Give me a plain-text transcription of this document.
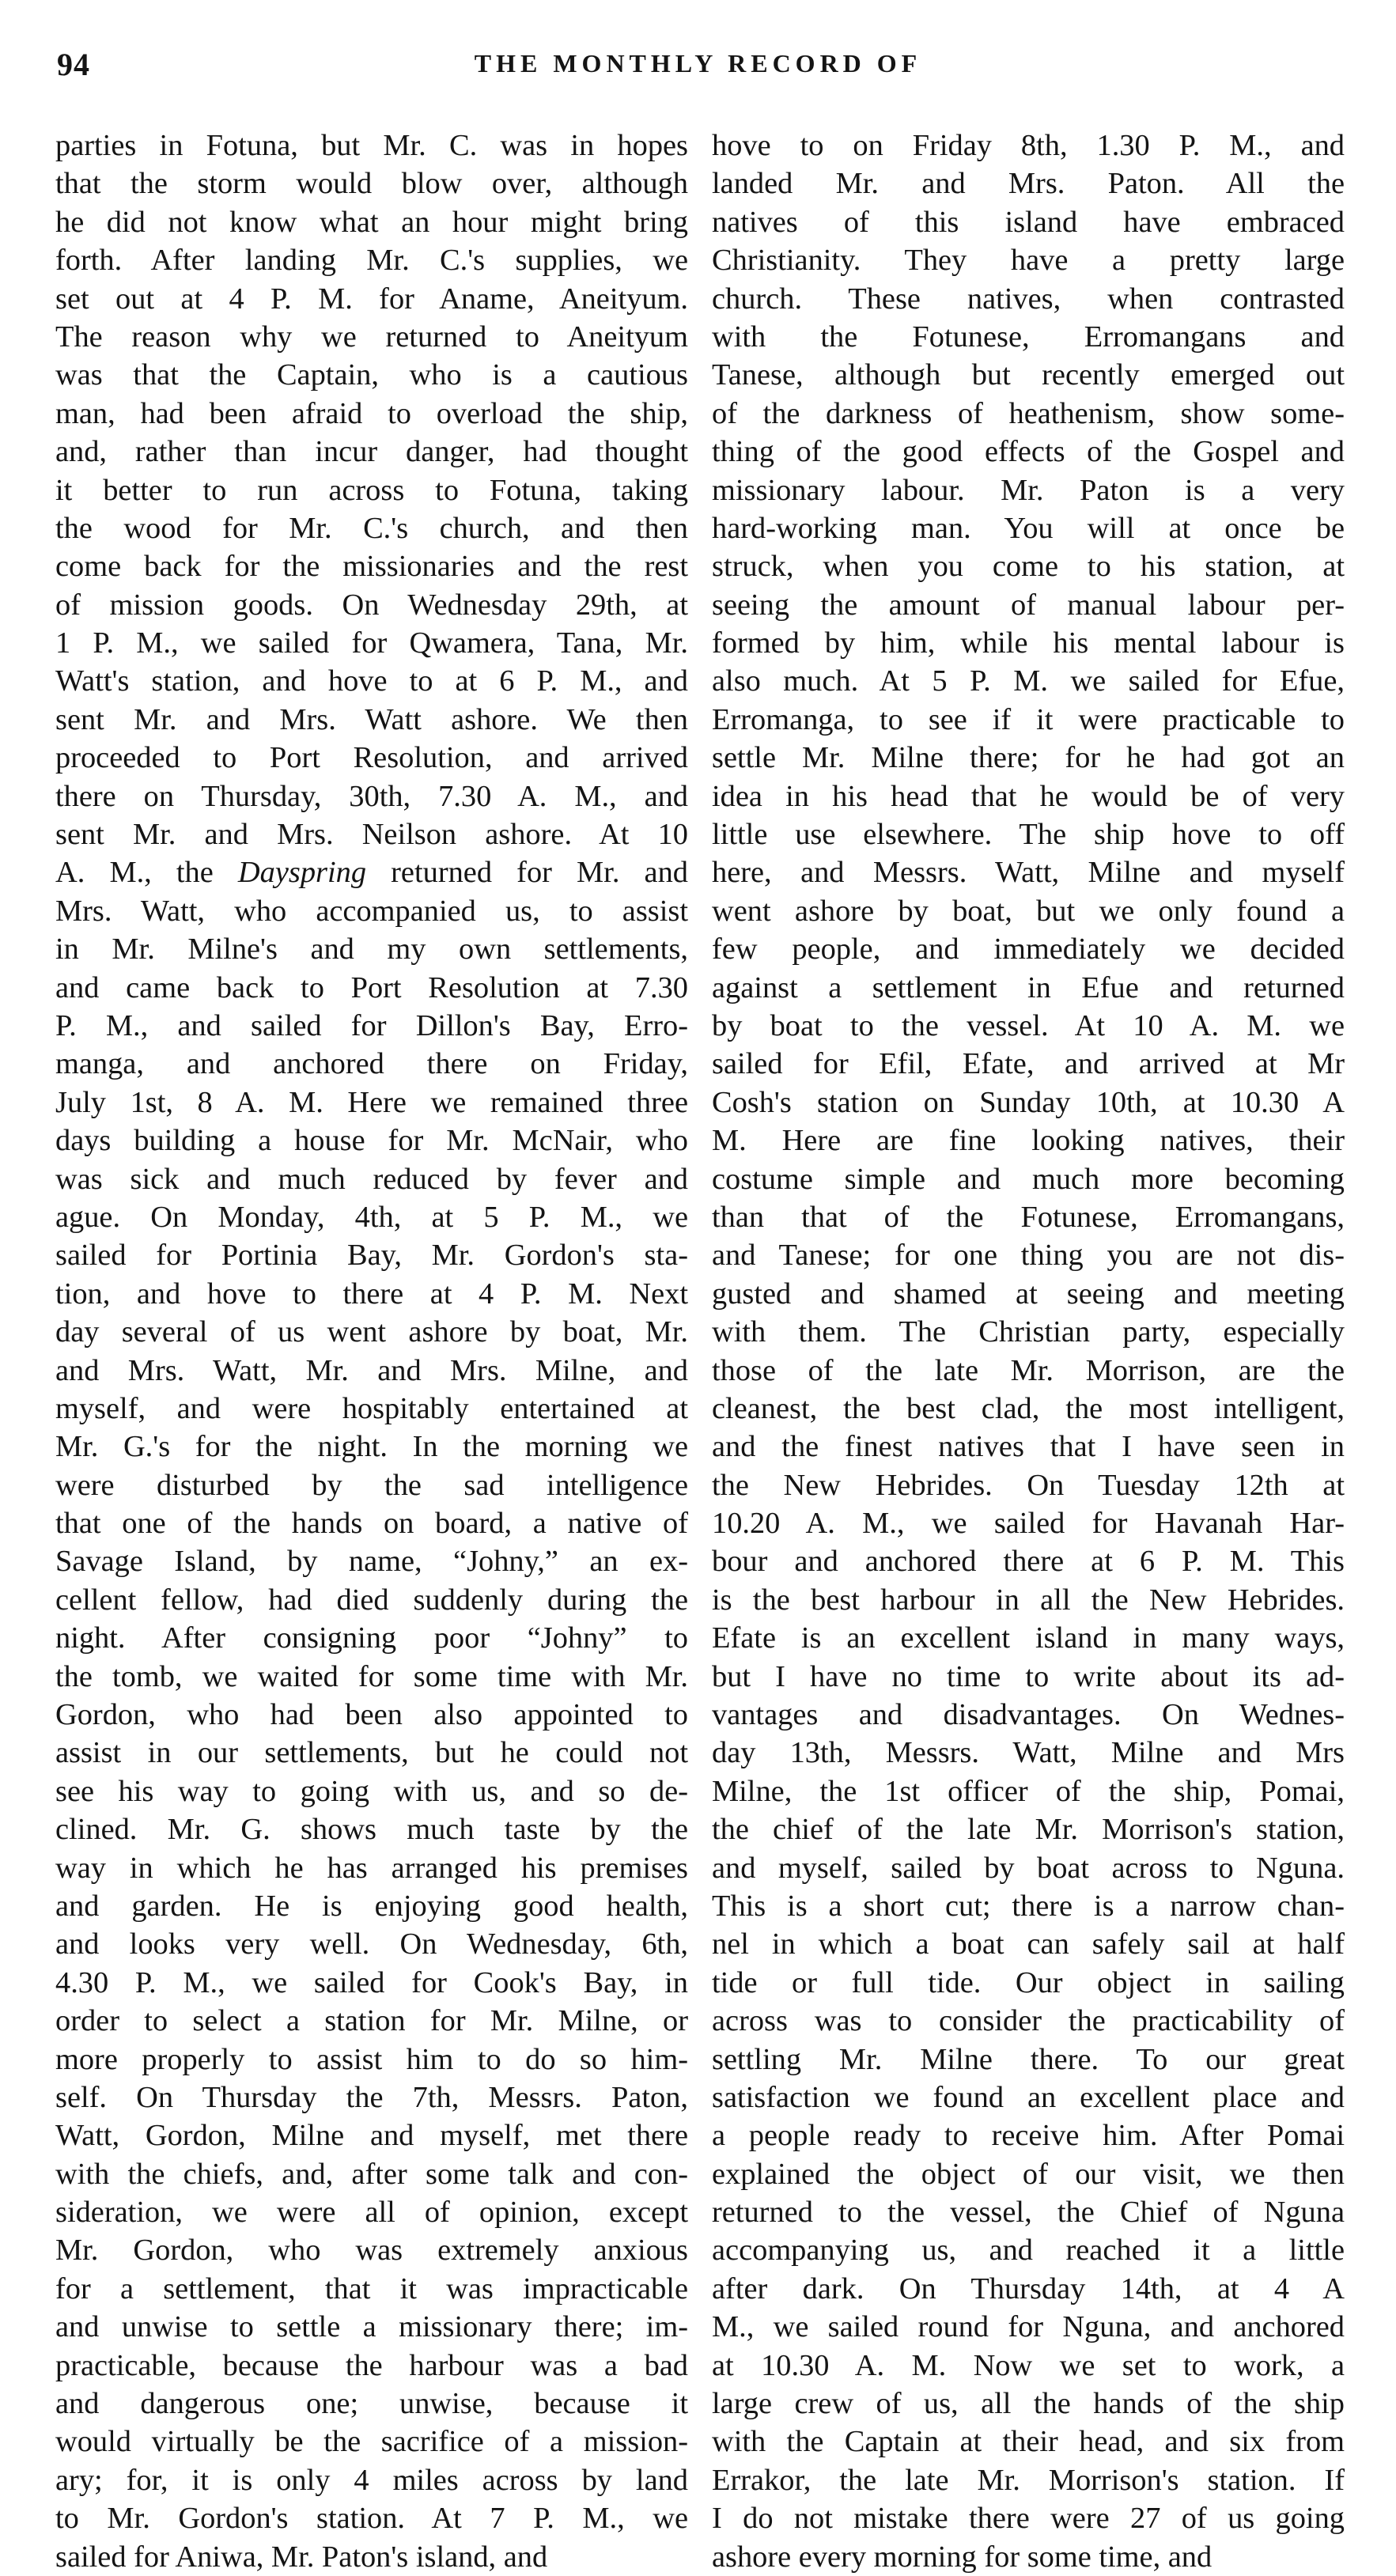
94	THE MONTHLY RECORD OF
parties in Fotuna, but Mr. C. was in hopes
that the storm would blow over, although
he did not know what an hour might bring
forth. After landing Mr. C.'s supplies, we
set out at 4 P. M. for Aname, Aneityum.
The reason why we returned to Aneityum
was that the Captain, who is a cautious
man, had been afraid to overload the ship,
and, rather than incur danger, had thought
it better to run across to Fotuna, taking
the wood for Mr. C.'s church, and then
come back for the missionaries and the rest
of mission goods. On Wednesday 29th, at
1 P. M., we sailed for Qwamera, Tana, Mr.
Watt's station, and hove to at 6 P. M., and
sent Mr. and Mrs. Watt ashore. We then
proceeded to Port Resolution, and arrived
there on Thursday, 30th, 7.30 A. M., and
sent Mr. and Mrs. Neilson ashore. At 10
A. M., the Dayspring returned for Mr. and
Mrs. Watt, who accompanied us, to assist
in Mr. Milne's and my own settlements,
and came back to Port Resolution at 7.30
P. M., and sailed for Dillon's Bay, Erro-
manga, and anchored there on Friday,
July 1st, 8 A. M. Here we remained three
days building a house for Mr. McNair, who
was sick and much reduced by fever and
ague. On Monday, 4th, at 5 P. M., we
sailed for Portinia Bay, Mr. Gordon's sta-
tion, and hove to there at 4 P. M. Next
day several of us went ashore by boat, Mr.
and Mrs. Watt, Mr. and Mrs. Milne, and
myself, and were hospitably entertained at
Mr. G.'s for the night. In the morning we
were disturbed by the sad intelligence
that one of the hands on board, a native of
Savage Island, by name, “Johny,” an ex-
cellent fellow, had died suddenly during the
night. After consigning poor “Johny” to
the tomb, we waited for some time with Mr.
Gordon, who had been also appointed to
assist in our settlements, but he could not
see his way to going with us, and so de-
clined. Mr. G. shows much taste by the
way in which he has arranged his premises
and garden. He is enjoying good health,
and looks very well. On Wednesday, 6th,
4.30 P. M., we sailed for Cook's Bay, in
order to select a station for Mr. Milne, or
more properly to assist him to do so him-
self. On Thursday the 7th, Messrs. Paton,
Watt, Gordon, Milne and myself, met there
with the chiefs, and, after some talk and con-
sideration, we were all of opinion, except
Mr. Gordon, who was extremely anxious
for a settlement, that it was impracticable
and unwise to settle a missionary there; im-
practicable, because the harbour was a bad
and dangerous one; unwise, because it
would virtually be the sacrifice of a mission-
ary; for, it is only 4 miles across by land
to Mr. Gordon's station. At 7 P. M., we
sailed for Aniwa, Mr. Paton's island, and
hove to on Friday 8th, 1.30 P. M., and
landed Mr. and Mrs. Paton. All the
natives of this island have embraced
Christianity. They have a pretty large
church. These natives, when contrasted
with the Fotunese, Erromangans and
Tanese, although but recently emerged out
of the darkness of heathenism, show some-
thing of the good effects of the Gospel and
missionary labour. Mr. Paton is a very
hard-working man. You will at once be
struck, when you come to his station, at
seeing the amount of manual labour per-
formed by him, while his mental labour is
also much. At 5 P. M. we sailed for Efue,
Erromanga, to see if it were practicable to
settle Mr. Milne there; for he had got an
idea in his head that he would be of very
little use elsewhere. The ship hove to off
here, and Messrs. Watt, Milne and myself
went ashore by boat, but we only found a
few people, and immediately we decided
against a settlement in Efue and returned
by boat to the vessel. At 10 A. M. we
sailed for Efil, Efate, and arrived at Mr
Cosh's station on Sunday 10th, at 10.30 A
M. Here are fine looking natives, their
costume simple and much more becoming
than that of the Fotunese, Erromangans,
and Tanese; for one thing you are not dis-
gusted and shamed at seeing and meeting
with them. The Christian party, especially
those of the late Mr. Morrison, are the
cleanest, the best clad, the most intelligent,
and the finest natives that I have seen in
the New Hebrides. On Tuesday 12th at
10.20 A. M., we sailed for Havanah Har-
bour and anchored there at 6 P. M. This
is the best harbour in all the New Hebrides.
Efate is an excellent island in many ways,
but I have no time to write about its ad-
vantages and disadvantages. On Wednes-
day 13th, Messrs. Watt, Milne and Mrs
Milne, the 1st officer of the ship, Pomai,
the chief of the late Mr. Morrison's station,
and myself, sailed by boat across to Nguna.
This is a short cut; there is a narrow chan-
nel in which a boat can safely sail at half
tide or full tide. Our object in sailing
across was to consider the practicability of
settling Mr. Milne there. To our great
satisfaction we found an excellent place and
a people ready to receive him. After Pomai
explained the object of our visit, we then
returned to the vessel, the Chief of Nguna
accompanying us, and reached it a little
after dark. On Thursday 14th, at 4 A
M., we sailed round for Nguna, and anchored
at 10.30 A. M. Now we set to work, a
large crew of us, all the hands of the ship
with the Captain at their head, and six from
Errakor, the late Mr. Morrison's station. If
I do not mistake there were 27 of us going
ashore every morning for some time, and
